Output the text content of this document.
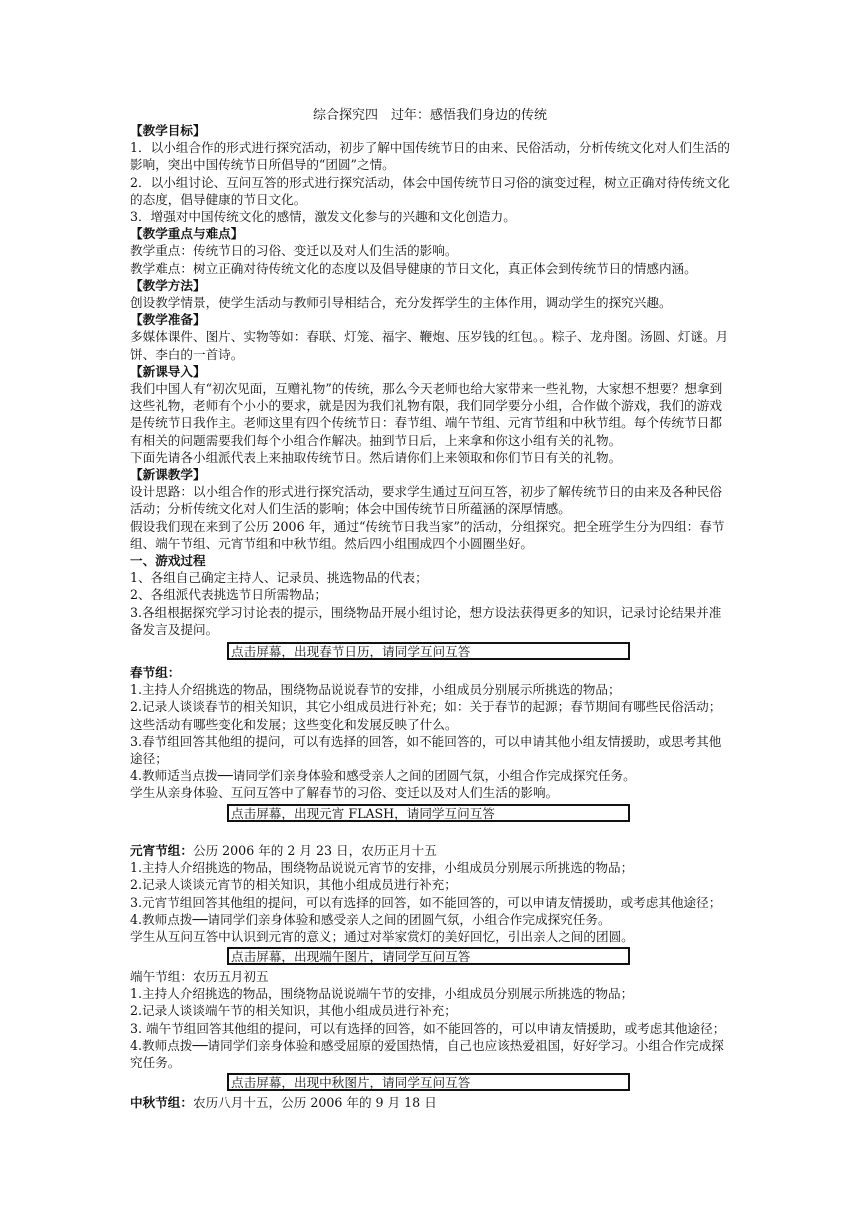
综合探究四　过年：感悟我们身边的传统

【教学目标】

1．以小组合作的形式进行探究活动，初步了解中国传统节日的由来、民俗活动，分析传统文化对人们生活的影响，突出中国传统节日所倡导的“团圆”之情。

2．以小组讨论、互问互答的形式进行探究活动，体会中国传统节日习俗的演变过程，树立正确对待传统文化的态度，倡导健康的节日文化。

3．增强对中国传统文化的感情，激发文化参与的兴趣和文化创造力。

【教学重点与难点】

教学重点：传统节日的习俗、变迁以及对人们生活的影响。

教学难点：树立正确对待传统文化的态度以及倡导健康的节日文化，真正体会到传统节日的情感内涵。

【教学方法】

创设教学情景，使学生活动与教师引导相结合，充分发挥学生的主体作用，调动学生的探究兴趣。

【教学准备】

多媒体课件、图片、实物等如：春联、灯笼、福字、鞭炮、压岁钱的红包。。粽子、龙舟图。汤圆、灯谜。月饼、李白的一首诗。

【新课导入】

我们中国人有“初次见面，互赠礼物”的传统，那么今天老师也给大家带来一些礼物，大家想不想要？想拿到这些礼物，老师有个小小的要求，就是因为我们礼物有限，我们同学要分小组，合作做个游戏，我们的游戏是传统节日我作主。老师这里有四个传统节日：春节组、端午节组、元宵节组和中秋节组。每个传统节日都有相关的问题需要我们每个小组合作解决。抽到节日后，上来拿和你这小组有关的礼物。

下面先请各小组派代表上来抽取传统节日。然后请你们上来领取和你们节日有关的礼物。

【新课教学】

设计思路：以小组合作的形式进行探究活动，要求学生通过互问互答，初步了解传统节日的由来及各种民俗活动；分析传统文化对人们生活的影响；体会中国传统节日所蕴涵的深厚情感。

假设我们现在来到了公历 2006 年，通过“传统节日我当家”的活动，分组探究。把全班学生分为四组：春节组、端午节组、元宵节组和中秋节组。然后四小组围成四个小圆圈坐好。

一、游戏过程

1、各组自己确定主持人、记录员、挑选物品的代表；

2、各组派代表挑选节日所需物品；

3.各组根据探究学习讨论表的提示，围绕物品开展小组讨论，想方设法获得更多的知识，记录讨论结果并准备发言及提问。

点击屏幕，出现春节日历，请同学互问互答

春节组：

1.主持人介绍挑选的物品，围绕物品说说春节的安排，小组成员分别展示所挑选的物品；

2.记录人谈谈春节的相关知识，其它小组成员进行补充；如：关于春节的起源；春节期间有哪些民俗活动；这些活动有哪些变化和发展；这些变化和发展反映了什么。

3.春节组回答其他组的提问，可以有选择的回答，如不能回答的，可以申请其他小组友情援助，或思考其他途径；

4.教师适当点拨──请同学们亲身体验和感受亲人之间的团圆气氛，小组合作完成探究任务。

学生从亲身体验、互问互答中了解春节的习俗、变迁以及对人们生活的影响。

点击屏幕，出现元宵 FLASH，请同学互问互答

元宵节组：公历 2006 年的 2 月 23 日，农历正月十五

1.主持人介绍挑选的物品，围绕物品说说元宵节的安排，小组成员分别展示所挑选的物品；

2.记录人谈谈元宵节的相关知识，其他小组成员进行补充；

3.元宵节组回答其他组的提问，可以有选择的回答，如不能回答的，可以申请友情援助，或考虑其他途径；

4.教师点拨──请同学们亲身体验和感受亲人之间的团圆气氛，小组合作完成探究任务。

学生从互问互答中认识到元宵的意义；通过对举家赏灯的美好回忆，引出亲人之间的团圆。

点击屏幕，出现端午图片，请同学互问互答

端午节组：农历五月初五

1.主持人介绍挑选的物品，围绕物品说说端午节的安排，小组成员分别展示所挑选的物品；

2.记录人谈谈端午节的相关知识，其他小组成员进行补充；

3. 端午节组回答其他组的提问，可以有选择的回答，如不能回答的，可以申请友情援助，或考虑其他途径；

4.教师点拨──请同学们亲身体验和感受屈原的爱国热情，自己也应该热爱祖国，好好学习。小组合作完成探究任务。

点击屏幕，出现中秋图片，请同学互问互答

中秋节组：农历八月十五，公历 2006 年的 9 月 18 日
